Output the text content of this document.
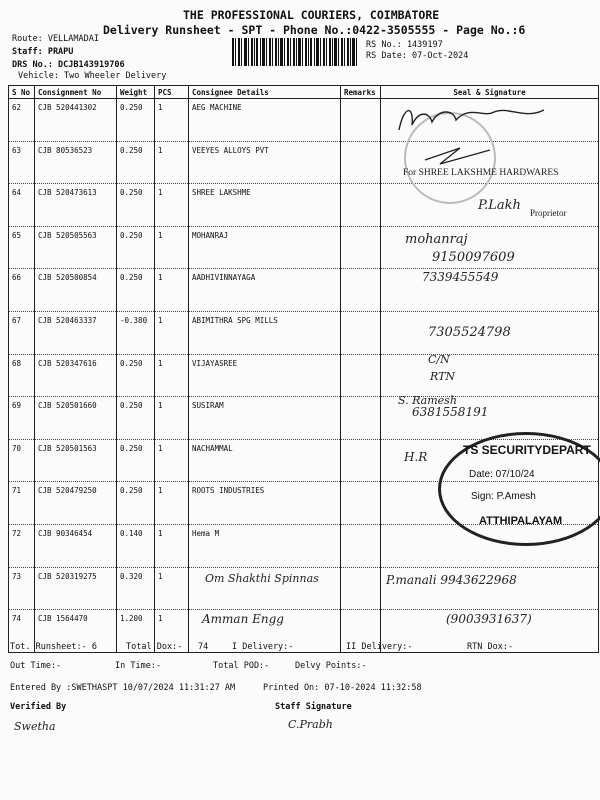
THE PROFESSIONAL COURIERS, COIMBATORE
Delivery Runsheet - SPT - Phone No.:0422-3505555 - Page No.:6
Route: VELLAMADAI
Staff: PRAPU
DRS No.: DCJB143919706
Vehicle: Two Wheeler Delivery
RS No.: 1439197
RS Date: 07-Oct-2024
S No	Consignment No	Weight	PCS	Consignee Details	Remarks	Seal & Signature
62	CJB 520441302	0.250	1	AEG MACHINE		
63	CJB 80536523	0.250	1	VEEYES ALLOYS PVT		
64	CJB 520473613	0.250	1	SHREE LAKSHME		
65	CJB 520505563	0.250	1	MOHANRAJ		
66	CJB 520500854	0.250	1	AADHIVINNAYAGA		
67	CJB 520463337	-0.380	1	ABIMITHRA SPG MILLS		
68	CJB 520347616	0.250	1	VIJAYASREE		
69	CJB 520501660	0.250	1	SUSIRAM		
70	CJB 520501563	0.250	1	NACHAMMAL		
71	CJB 520479250	0.250	1	ROOTS INDUSTRIES		
72	CJB 90346454	0.140	1	Hema M		
73	CJB 520319275	0.320	1			
74	CJB 1564470	1.200	1			
For SHREE LAKSHME HARDWARES
Proprietor
P.Lakh
mohanraj
9150097609
7339455549
7305524798
C/N
RTN
S. Ramesh
6381558191
H.R	TS SECURITYDEPART
Date: 07/10/24
Sign: P.Amesh
ATTHIPALAYAM
Om Shakthi Spinnas	P.manali 9943622968
Amman Engg	(9003931637)
Tot. Runsheet:- 6	Total Dox:- 74	I Delivery:-	II Delivery:-	RTN Dox:-
Out Time:-	In Time:-	Total POD:-	Delvy Points:-
Entered By :SWETHASPT 10/07/2024 11:31:27 AM	Printed On: 07-10-2024 11:32:58
Verified By	Staff Signature
Swetha	C.Prabh
